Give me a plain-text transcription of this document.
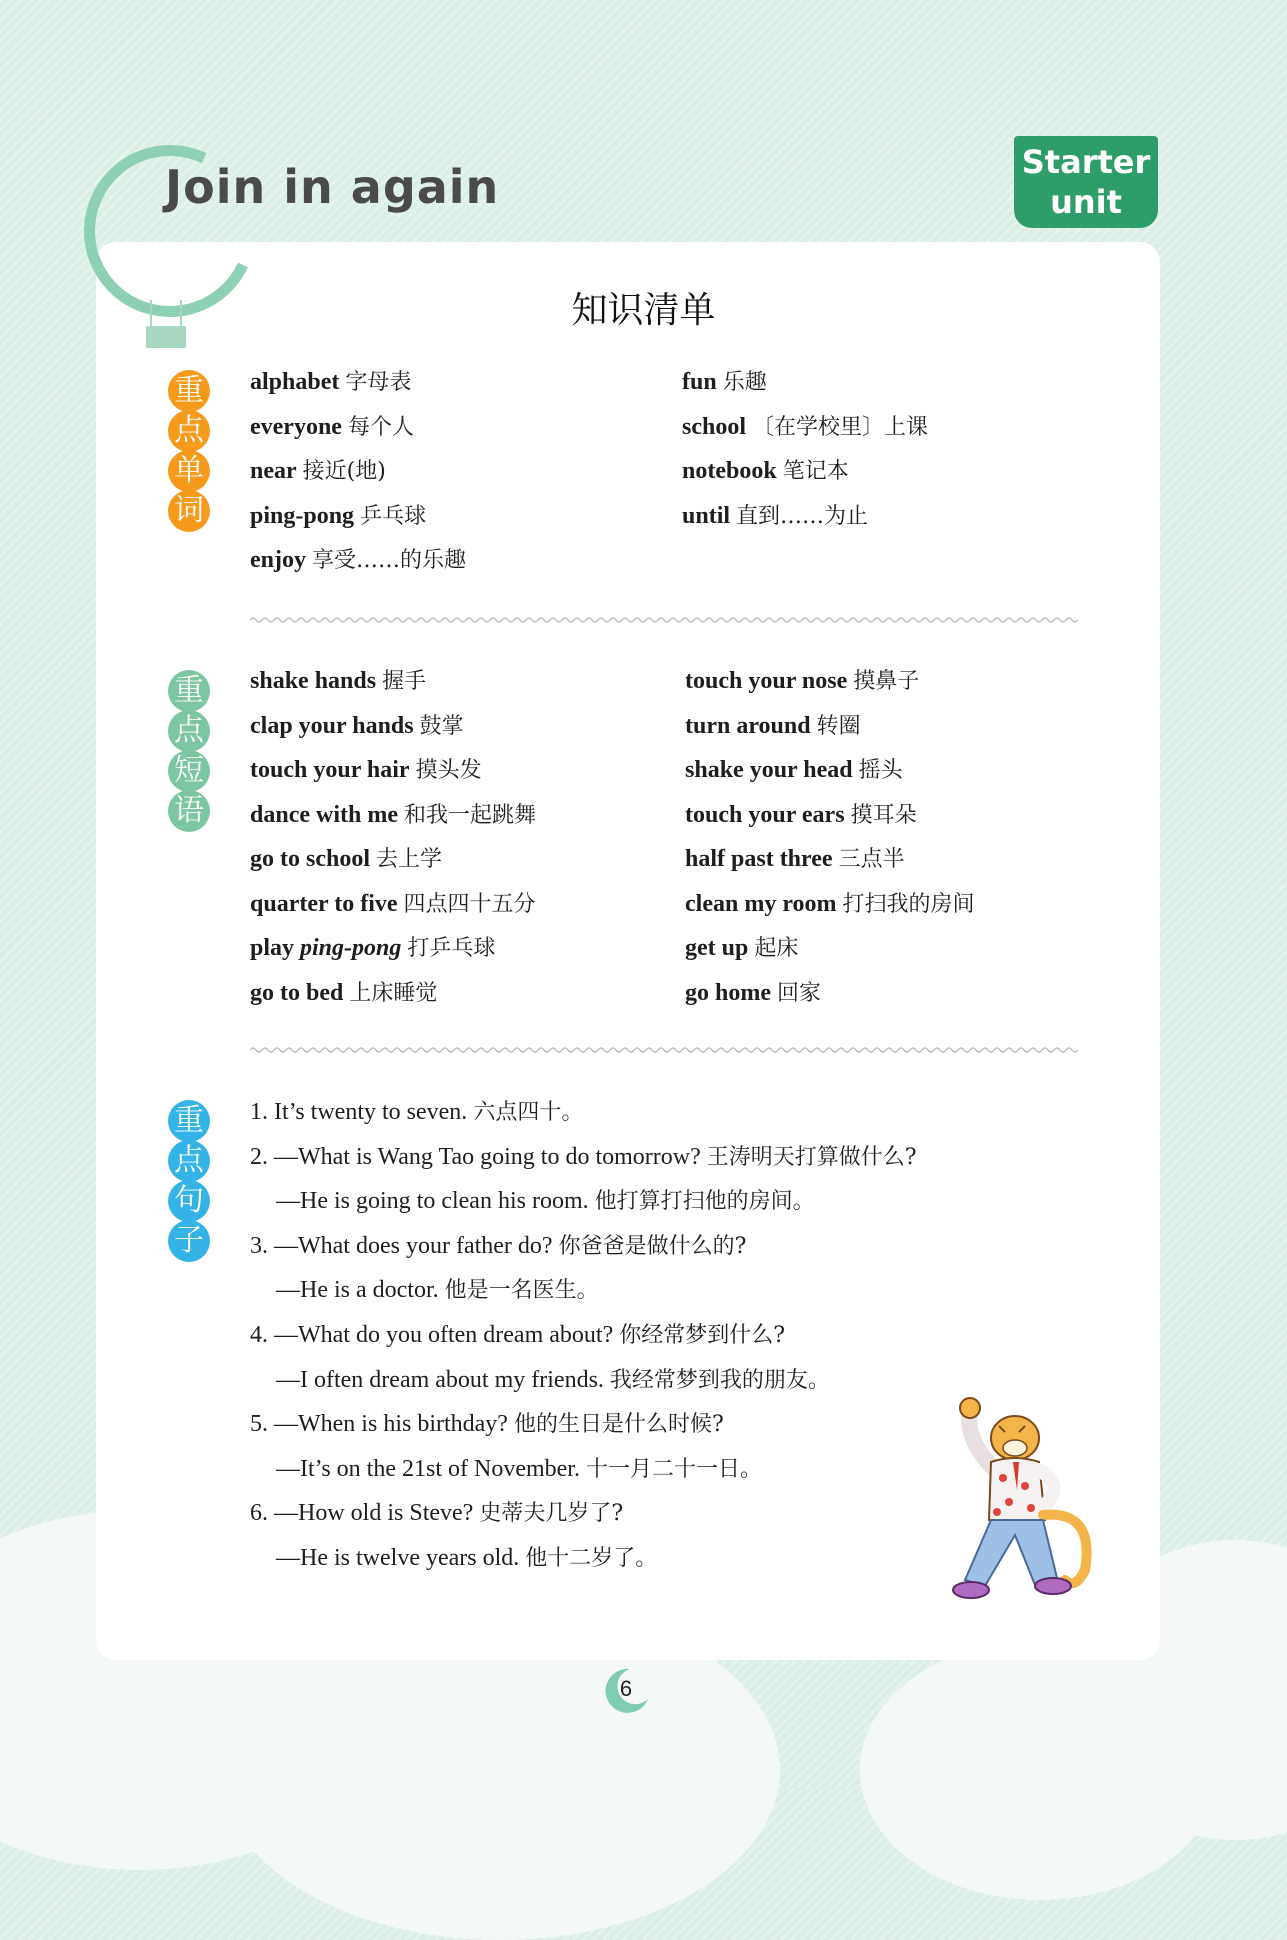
Join in again	Starter
unit
知识清单
重
点
单
词
alphabet 字母表
everyone 每个人
near 接近(地)
ping-pong 乒乓球
enjoy 享受……的乐趣
fun 乐趣
school 〔在学校里〕上课
notebook 笔记本
until 直到……为止
重
点
短
语
shake hands 握手
clap your hands 鼓掌
touch your hair 摸头发
dance with me 和我一起跳舞
go to school 去上学
quarter to five 四点四十五分
play ping-pong 打乒乓球
go to bed 上床睡觉
touch your nose 摸鼻子
turn around 转圈
shake your head 摇头
touch your ears 摸耳朵
half past three 三点半
clean my room 打扫我的房间
get up 起床
go home 回家
重
点
句
子
1. It’s twenty to seven. 六点四十。
2. —What is Wang Tao going to do tomorrow? 王涛明天打算做什么?
—He is going to clean his room. 他打算打扫他的房间。
3. —What does your father do? 你爸爸是做什么的?
—He is a doctor. 他是一名医生。
4. —What do you often dream about? 你经常梦到什么?
—I often dream about my friends. 我经常梦到我的朋友。
5. —When is his birthday? 他的生日是什么时候?
—It’s on the 21st of November. 十一月二十一日。
6. —How old is Steve? 史蒂夫几岁了?
—He is twelve years old. 他十二岁了。
6
